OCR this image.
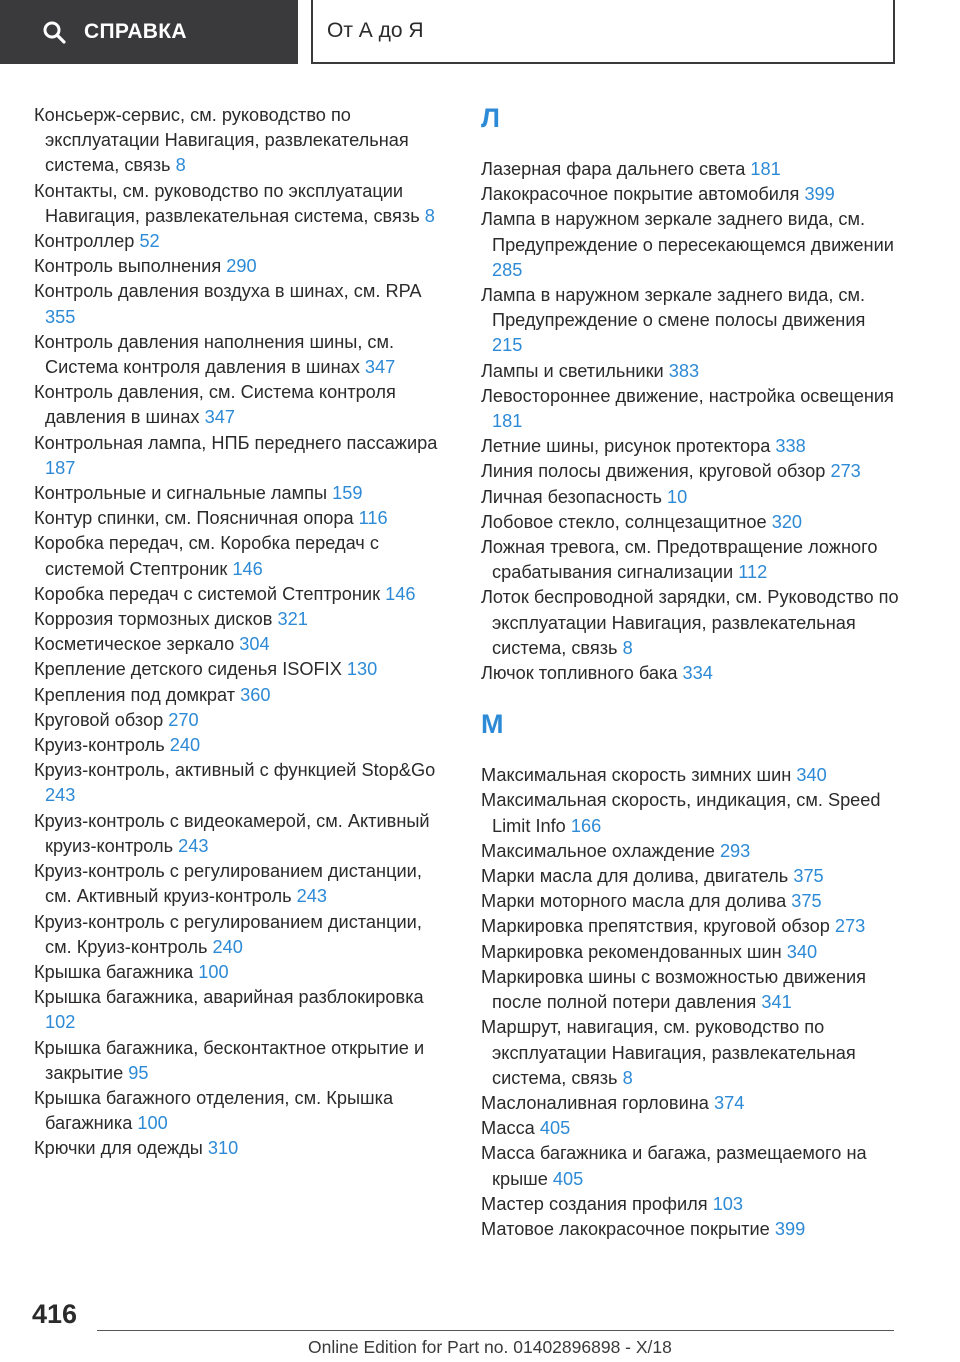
СПРАВКА	От А до Я
Консьерж-сервис, см. руководство по эксплуатации Навигация, развлекательная система, связь 8
Контакты, см. руководство по эксплуатации Навигация, развлекательная система, связь 8
Контроллер 52
Контроль выполнения 290
Контроль давления воздуха в шинах, см. RPA 355
Контроль давления наполнения шины, см. Система контроля давления в шинах 347
Контроль давления, см. Система контроля давления в шинах 347
Контрольная лампа, НПБ переднего пассажира 187
Контрольные и сигнальные лампы 159
Контур спинки, см. Поясничная опора 116
Коробка передач, см. Коробка передач с системой Стептроник 146
Коробка передач с системой Стептроник 146
Коррозия тормозных дисков 321
Косметическое зеркало 304
Крепление детского сиденья ISOFIX 130
Крепления под домкрат 360
Круговой обзор 270
Круиз-контроль 240
Круиз-контроль, активный с функцией Stop&Go 243
Круиз-контроль с видеокамерой, см. Активный круиз-контроль 243
Круиз-контроль с регулированием дистанции, см. Активный круиз-контроль 243
Круиз-контроль с регулированием дистанции, см. Круиз-контроль 240
Крышка багажника 100
Крышка багажника, аварийная разблокировка 102
Крышка багажника, бесконтактное открытие и закрытие 95
Крышка багажного отделения, см. Крышка багажника 100
Крючки для одежды 310
Л
Лазерная фара дальнего света 181
Лакокрасочное покрытие автомобиля 399
Лампа в наружном зеркале заднего вида, см. Предупреждение о пересекающемся движении 285
Лампа в наружном зеркале заднего вида, см. Предупреждение о смене полосы движения 215
Лампы и светильники 383
Левостороннее движение, настройка освещения 181
Летние шины, рисунок протектора 338
Линия полосы движения, круговой обзор 273
Личная безопасность 10
Лобовое стекло, солнцезащитное 320
Ложная тревога, см. Предотвращение ложного срабатывания сигнализации 112
Лоток беспроводной зарядки, см. Руководство по эксплуатации Навигация, развлекательная система, связь 8
Лючок топливного бака 334
М
Максимальная скорость зимних шин 340
Максимальная скорость, индикация, см. Speed Limit Info 166
Максимальное охлаждение 293
Марки масла для долива, двигатель 375
Марки моторного масла для долива 375
Маркировка препятствия, круговой обзор 273
Маркировка рекомендованных шин 340
Маркировка шины с возможностью движения после полной потери давления 341
Маршрут, навигация, см. руководство по эксплуатации Навигация, развлекательная система, связь 8
Маслоналивная горловина 374
Масса 405
Масса багажника и багажа, размещаемого на крыше 405
Мастер создания профиля 103
Матовое лакокрасочное покрытие 399
416
Online Edition for Part no. 01402896898 - X/18
